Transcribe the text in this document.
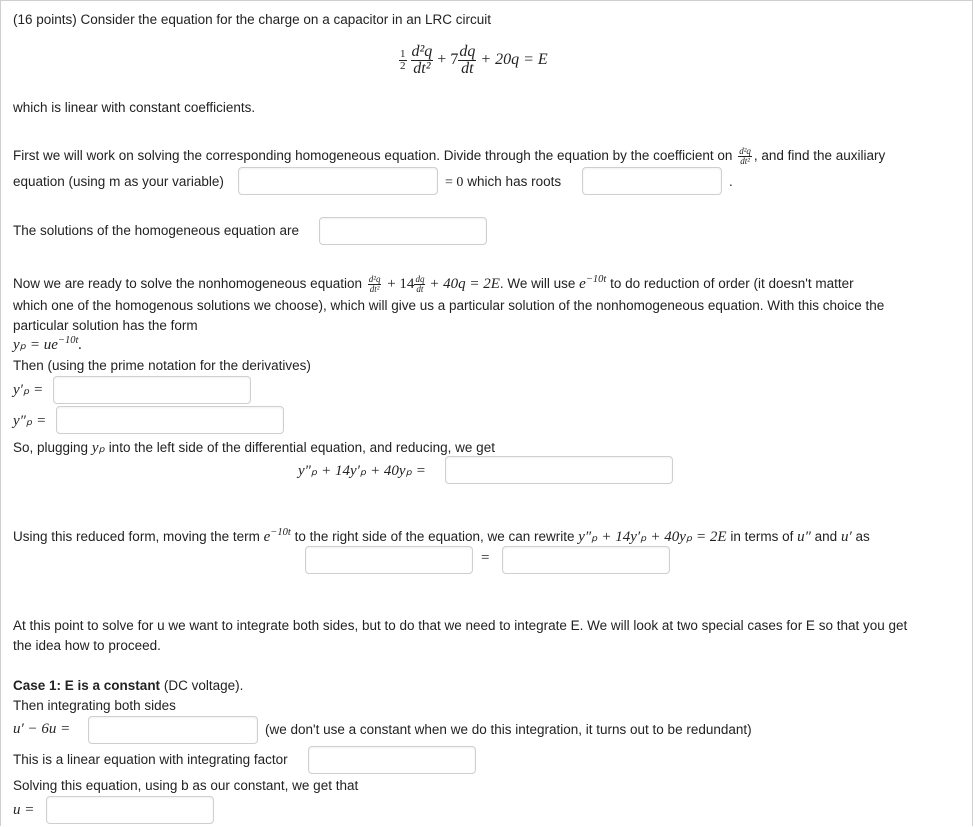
(16 points) Consider the equation for the charge on a capacitor in an LRC circuit
$\frac{1}{2}$
$\frac{\text{d²q}}{\text{dt²}} + 7 \frac{dq}{dt} + 20q = E$
which is linear with constant coefficients.
First we will work on solving the corresponding homogeneous equation. Divide through the equation by the coefficient on $\frac{\text{d²q}}{\text{dt²}}$ , and find the auxiliary
equation (using m as your variable)	= 0 which has roots	.
The solutions of the homogeneous equation are
Now we are ready to solve the nonhomogeneous equation $\frac{\text{d²q}}{\text{dt²}} + 14 \frac{dq}{dt} + 40q = 2E$. We will use $e^{-10t}$ to do reduction of order (it doesn't matter
which one of the homogenous solutions we choose), which will give us a particular solution of the nonhomogeneous equation. With this choice the
particular solution has the form
$y_p = ue^{-10t}$.
Then (using the prime notation for the derivatives)
y′ₚ =
y″ₚ =
So, plugging yₚ into the left side of the differential equation, and reducing, we get
y″ₚ + 14y′ₚ + 40yₚ =
Using this reduced form, moving the term $e^{-10t}$ to the right side of the equation, we can rewrite y″ₚ + 14y′ₚ + 40yₚ = 2E in terms of u″ and u′ as
=
At this point to solve for u we want to integrate both sides, but to do that we need to integrate E. We will look at two special cases for E so that you get
the idea how to proceed.
Case 1: E is a constant (DC voltage).
Then integrating both sides
u′ − 6u =	(we don't use a constant when we do this integration, it turns out to be redundant)
This is a linear equation with integrating factor
Solving this equation, using b as our constant, we get that
u =
